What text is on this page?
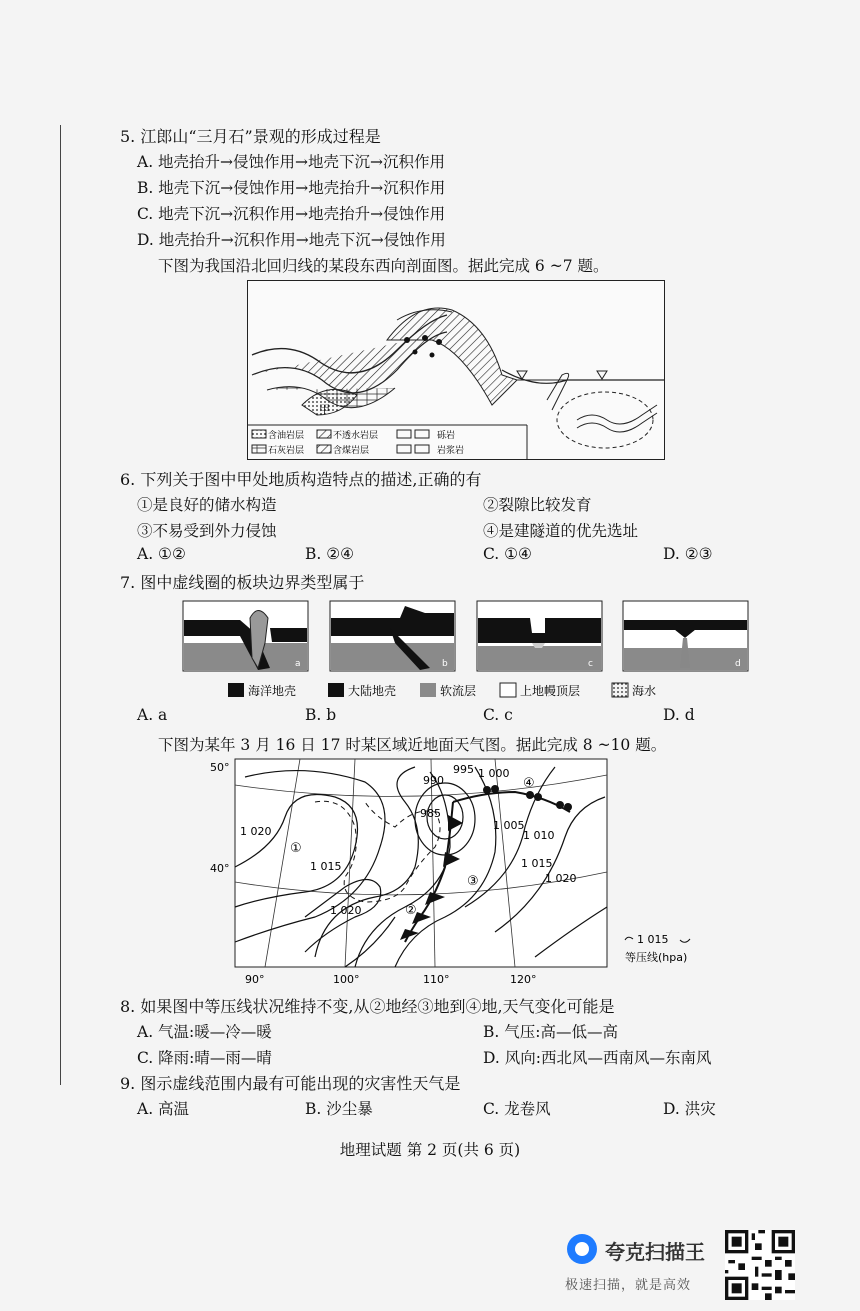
5. 江郎山“三月石”景观的形成过程是
A. 地壳抬升→侵蚀作用→地壳下沉→沉积作用
B. 地壳下沉→侵蚀作用→地壳抬升→沉积作用
C. 地壳下沉→沉积作用→地壳抬升→侵蚀作用
D. 地壳抬升→沉积作用→地壳下沉→侵蚀作用
下图为我国沿北回归线的某段东西向剖面图。据此完成 6 ~7 题。
甲
含油岩层	不透水岩层	砾岩
石灰岩层	含煤岩层	岩浆岩
6. 下列关于图中甲处地质构造特点的描述,正确的有
①是良好的储水构造	②裂隙比较发育
③不易受到外力侵蚀	④是建隧道的优先选址
A. ①②	B. ②④	C. ①④	D. ②③
7. 图中虚线圈的板块边界类型属于
a	b	c	d
海洋地壳	大陆地壳	软流层	上地幔顶层	海水
A. a	B. b	C. c	D. d
下图为某年 3 月 16 日 17 时某区域近地面天气图。据此完成 8 ~10 题。
50°
40°
90°	100°	110°	120°
990
995 1 000
985
1 020
1 015
1 005
1 010
1 015
1 020
1 020
①
②
③
④
1 015
等压线(hpa)
8. 如果图中等压线状况维持不变,从②地经③地到④地,天气变化可能是
A. 气温:暖—冷—暖	B. 气压:高—低—高
C. 降雨:晴—雨—晴	D. 风向:西北风—西南风—东南风
9. 图示虚线范围内最有可能出现的灾害性天气是
A. 高温	B. 沙尘暴	C. 龙卷风	D. 洪灾
地理试题 第 2 页(共 6 页)
夸克扫描王
极速扫描，就是高效
